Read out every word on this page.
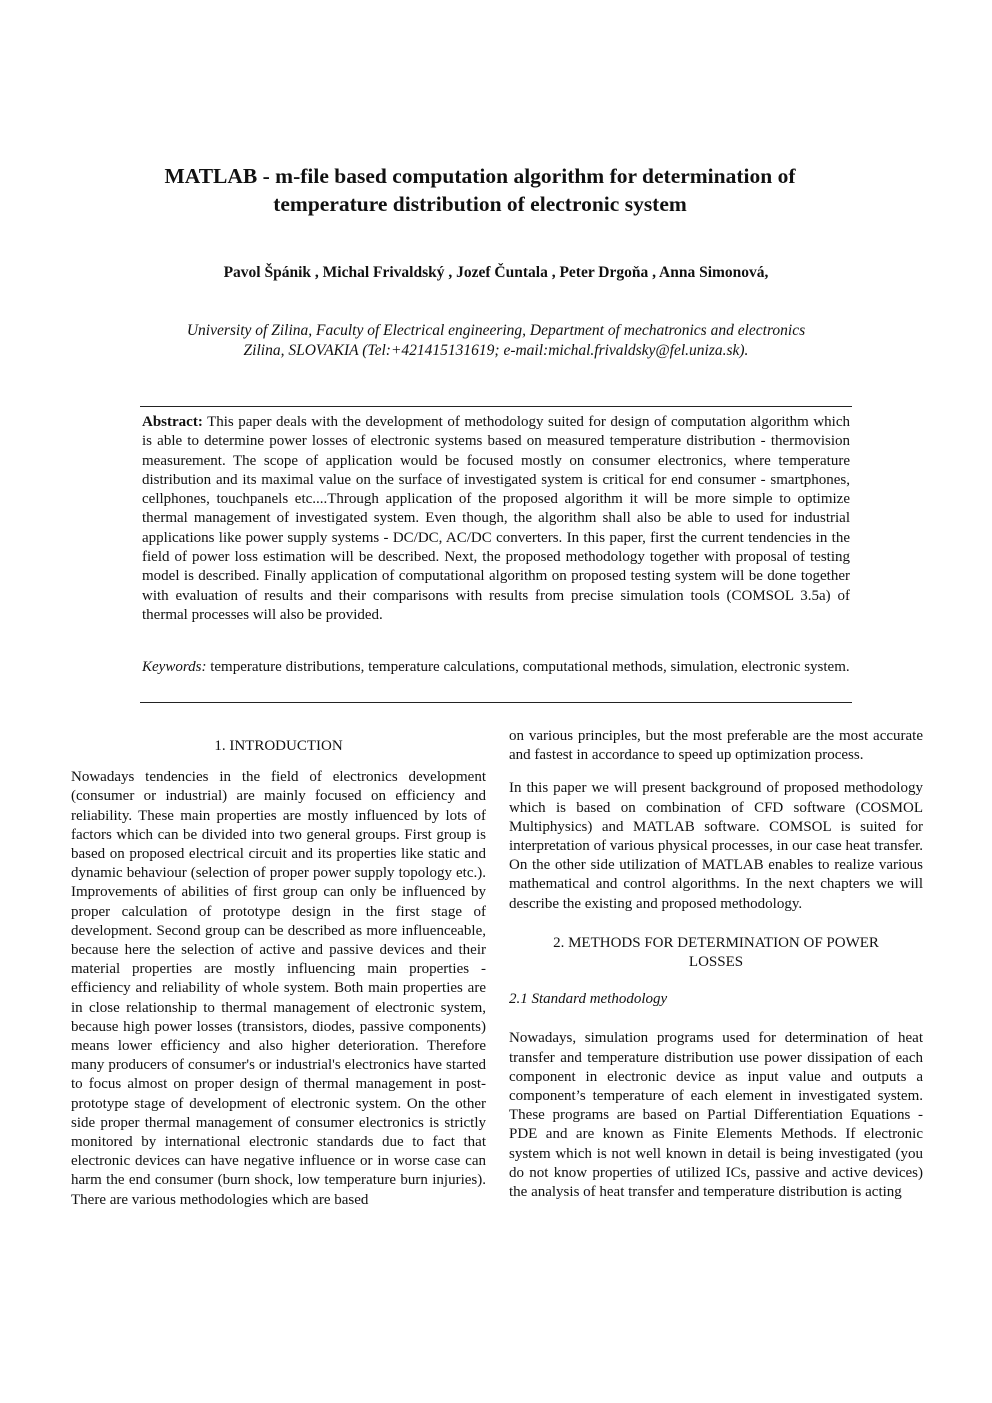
MATLAB - m-file based computation algorithm for determination of
temperature distribution of electronic system
Pavol Špánik , Michal Frivaldský , Jozef Čuntala , Peter Drgoňa , Anna Simonová,
University of Zilina, Faculty of Electrical engineering, Department of mechatronics and electronics
Zilina, SLOVAKIA (Tel:+421415131619; e-mail:michal.frivaldsky@fel.uniza.sk).
Abstract: This paper deals with the development of methodology suited for design of computation algorithm which is able to determine power losses of electronic systems based on measured temperature distribution - thermovision measurement. The scope of application would be focused mostly on consumer electronics, where temperature distribution and its maximal value on the surface of investigated system is critical for end consumer - smartphones, cellphones, touchpanels etc....Through application of the proposed algorithm it will be more simple to optimize thermal management of investigated system. Even though, the algorithm shall also be able to used for industrial applications like power supply systems - DC/DC, AC/DC converters. In this paper, first the current tendencies in the field of power loss estimation will be described. Next, the proposed methodology together with proposal of testing model is described. Finally application of computational algorithm on proposed testing system will be done together with evaluation of results and their comparisons with results from precise simulation tools (COMSOL 3.5a) of thermal processes will also be provided.
Keywords: temperature distributions, temperature calculations, computational methods, simulation, electronic system.
1. INTRODUCTION

Nowadays tendencies in the field of electronics development (consumer or industrial) are mainly focused on efficiency and reliability. These main properties are mostly influenced by lots of factors which can be divided into two general groups. First group is based on proposed electrical circuit and its properties like static and dynamic behaviour (selection of proper power supply topology etc.). Improvements of abilities of first group can only be influenced by proper calculation of prototype design in the first stage of development. Second group can be described as more influenceable, because here the selection of active and passive devices and their material properties are mostly influencing main properties - efficiency and reliability of whole system. Both main properties are in close relationship to thermal management of electronic system, because high power losses (transistors, diodes, passive components) means lower efficiency and also higher deterioration. Therefore many producers of consumer's or industrial's electronics have started to focus almost on proper design of thermal management in post-prototype stage of development of electronic system. On the other side proper thermal management of consumer electronics is strictly monitored by international electronic standards due to fact that electronic devices can have negative influence or in worse case can harm the end consumer (burn shock, low temperature burn injuries). There are various methodologies which are based

on various principles, but the most preferable are the most accurate and fastest in accordance to speed up optimization process.

In this paper we will present background of proposed methodology which is based on combination of CFD software (COSMOL Multiphysics) and MATLAB software. COMSOL is suited for interpretation of various physical processes, in our case heat transfer. On the other side utilization of MATLAB enables to realize various mathematical and control algorithms. In the next chapters we will describe the existing and proposed methodology.

2. METHODS FOR DETERMINATION OF POWER
LOSSES
2.1 Standard methodology

Nowadays, simulation programs used for determination of heat transfer and temperature distribution use power dissipation of each component in electronic device as input value and outputs a component’s temperature of each element in investigated system. These programs are based on Partial Differentiation Equations - PDE and are known as Finite Elements Methods. If electronic system which is not well known in detail is being investigated (you do not know properties of utilized ICs, passive and active devices) the analysis of heat transfer and temperature distribution is acting
